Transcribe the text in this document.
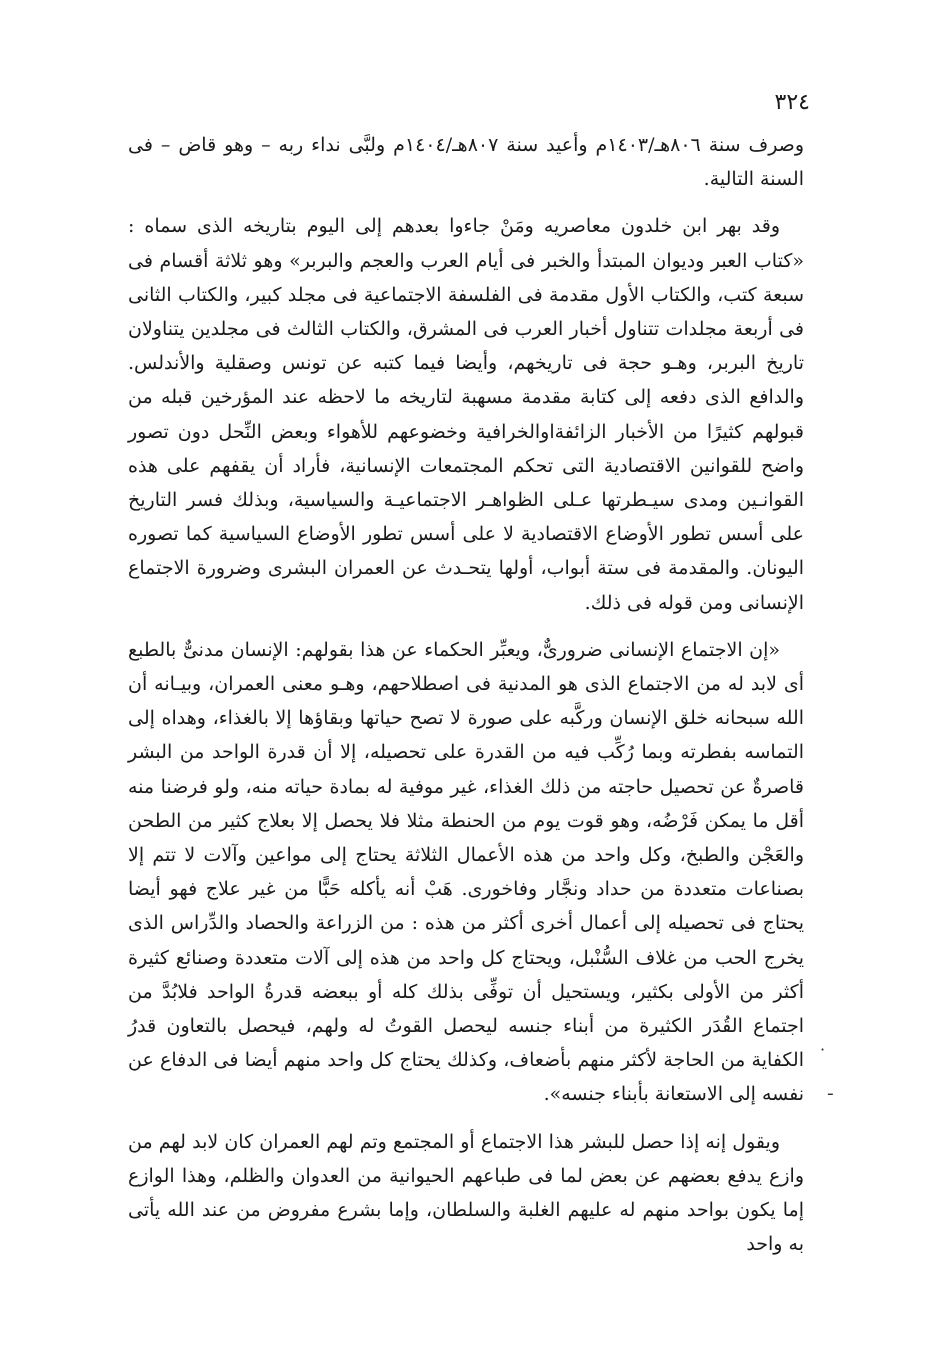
٣٢٤

وصرف سنة ٨٠٦هـ/١٤٠٣م وأعيد سنة ٨٠٧هـ/١٤٠٤م ولبَّى نداء ربه – وهو قاض – فى السنة التالية.

وقد بهر ابن خلدون معاصريه ومَنْ جاءوا بعدهم إلى اليوم بتاريخه الذى سماه : «كتاب العبر وديوان المبتدأ والخبر فى أيام العرب والعجم والبربر» وهو ثلاثة أقسام فى سبعة كتب، والكتاب الأول مقدمة فى الفلسفة الاجتماعية فى مجلد كبير، والكتاب الثانى فى أربعة مجلدات تتناول أخبار العرب فى المشرق، والكتاب الثالث فى مجلدين يتناولان تاريخ البربر، وهـو حجة فى تاريخهم، وأيضا فيما كتبه عن تونس وصقلية والأندلس. والدافع الذى دفعه إلى كتابة مقدمة مسهبة لتاريخه ما لاحظه عند المؤرخين قبله من قبولهم كثيرًا من الأخبار الزائفةاوالخرافية وخضوعهم للأهواء وبعض النِّحل دون تصور واضح للقوانين الاقتصادية التى تحكم المجتمعات الإنسانية، فأراد أن يقفهم على هذه القوانـين ومدى سيـطرتها عـلى الظواهـر الاجتماعيـة والسياسية، وبذلك فسر التاريخ على أسس تطور الأوضاع الاقتصادية لا على أسس تطور الأوضاع السياسية كما تصوره اليونان. والمقدمة فى ستة أبواب، أولها يتحـدث عن العمران البشرى وضرورة الاجتماع الإنسانى ومن قوله فى ذلك.

«إن الاجتماع الإنسانى ضرورىٌّ، ويعبِّر الحكماء عن هذا بقولهم: الإنسان مدنىٌّ بالطبع أى لابد له من الاجتماع الذى هو المدنية فى اصطلاحهم، وهـو معنى العمران، وبيـانه أن الله سبحانه خلق الإنسان وركَّبه على صورة لا تصح حياتها وبقاؤها إلا بالغذاء، وهداه إلى التماسه بفطرته وبما رُكِّب فيه من القدرة على تحصيله، إلا أن قدرة الواحد من البشر قاصرةٌ عن تحصيل حاجته من ذلك الغذاء، غير موفية له بمادة حياته منه، ولو فرضنا منه أقل ما يمكن فَرْضُه، وهو قوت يوم من الحنطة مثلا فلا يحصل إلا بعلاج كثير من الطحن والعَجْن والطبخ، وكل واحد من هذه الأعمال الثلاثة يحتاج إلى مواعين وآلات لا تتم إلا بصناعات متعددة من حداد ونجَّار وفاخورى. هَبْ أنه يأكله حَبًّا من غير علاج فهو أيضا يحتاج فى تحصيله إلى أعمال أخرى أكثر من هذه : من الزراعة والحصاد والدِّراس الذى يخرج الحب من غلاف السُّنْبل، ويحتاج كل واحد من هذه إلى آلات متعددة وصنائع كثيرة أكثر من الأولى بكثير، ويستحيل أن توفِّى بذلك كله أو ببعضه قدرةُ الواحد فلابُدَّ من اجتماع القُدَر الكثيرة من أبناء جنسه ليحصل القوتُ له ولهم، فيحصل بالتعاون قدرُ الكفاية من الحاجة لأكثر منهم بأضعاف، وكذلك يحتاج كل واحد منهم أيضا فى الدفاع عن نفسه إلى الاستعانة بأبناء جنسه».

ويقول إنه إذا حصل للبشر هذا الاجتماع أو المجتمع وتم لهم العمران كان لابد لهم من وازع يدفع بعضهم عن بعض لما فى طباعهم الحيوانية من العدوان والظلم، وهذا الوازع إما يكون بواحد منهم له عليهم الغلبة والسلطان، وإما بشرع مفروض من عند الله يأتى به واحد

·
ـ
